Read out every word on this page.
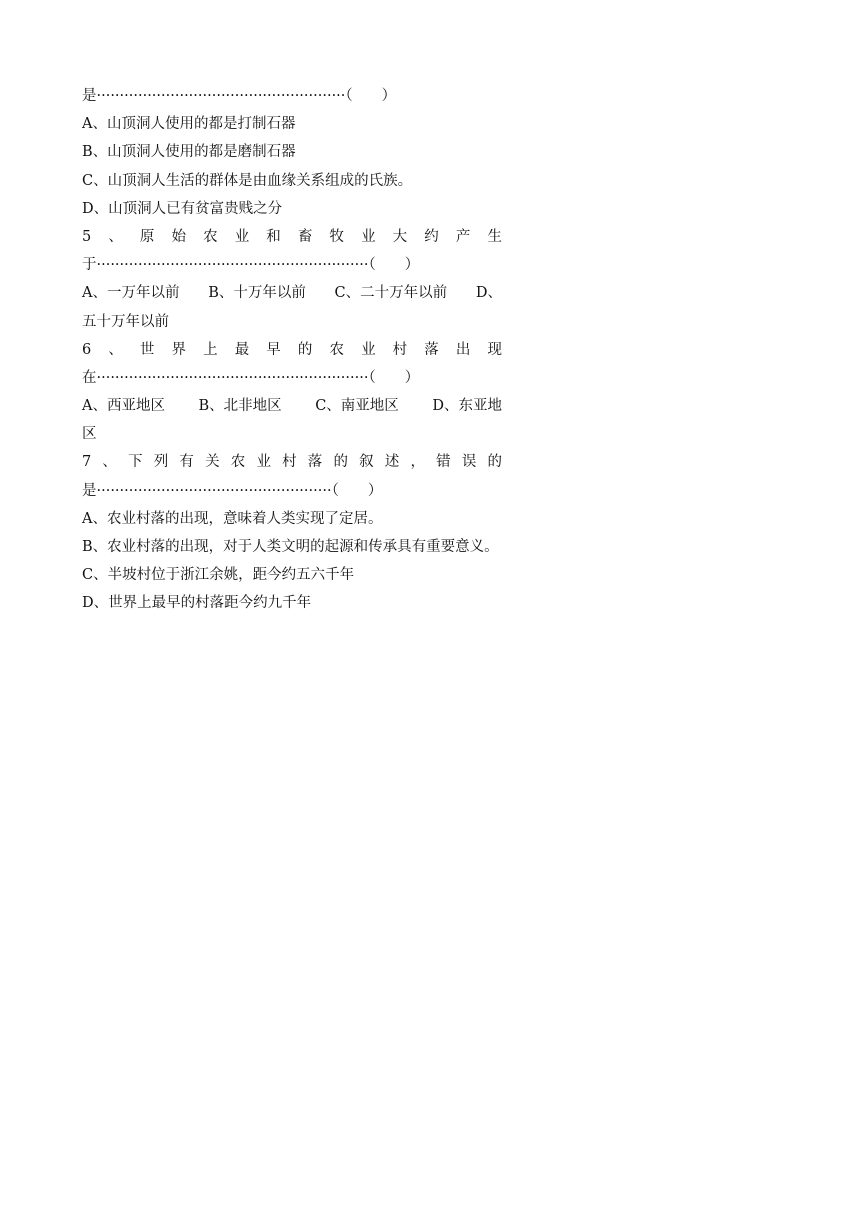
是······················································（　　）
A、山顶洞人使用的都是打制石器
B、山顶洞人使用的都是磨制石器
C、山顶洞人生活的群体是由血缘关系组成的氏族。
D、山顶洞人已有贫富贵贱之分
5 、 原 始 农 业 和 畜 牧 业 大 约 产 生
于···························································（　　）
A、一万年以前 B、十万年以前 C、二十万年以前 D、
五十万年以前
6 、 世 界 上 最 早 的 农 业 村 落 出 现
在···························································（　　）
A、西亚地区 B、北非地区 C、南亚地区 D、东亚地
区
7 、 下 列 有 关 农 业 村 落 的 叙 述 ， 错 误 的
是···················································（　　）
A、农业村落的出现，意味着人类实现了定居。
B、农业村落的出现，对于人类文明的起源和传承具有重要意义。
C、半坡村位于浙江余姚，距今约五六千年
D、世界上最早的村落距今约九千年
